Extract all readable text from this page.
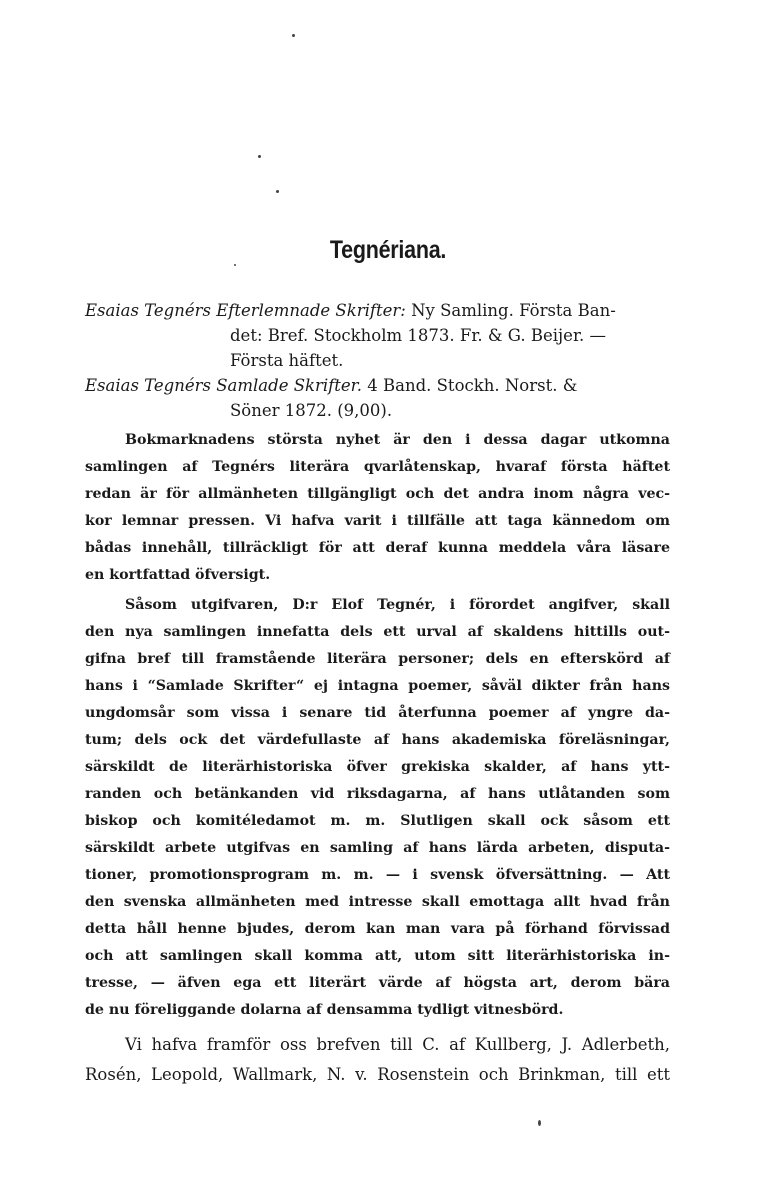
Tegnériana.
Esaias Tegnérs Efterlemnade Skrifter: Ny Samling. Första Ban-
det: Bref. Stockholm 1873. Fr. & G. Beijer. —
Första häftet.
Esaias Tegnérs Samlade Skrifter. 4 Band. Stockh. Norst. &
Söner 1872. (9,00).
Bokmarknadens största nyhet är den i dessa dagar utkomna
samlingen af Tegnérs literära qvarlåtenskap, hvaraf första häftet
redan är för allmänheten tillgängligt och det andra inom några vec-
kor lemnar pressen. Vi hafva varit i tillfälle att taga kännedom om
bådas innehåll, tillräckligt för att deraf kunna meddela våra läsare
en kortfattad öfversigt.
Såsom utgifvaren, D:r Elof Tegnér, i förordet angifver, skall
den nya samlingen innefatta dels ett urval af skaldens hittills out-
gifna bref till framstående literära personer; dels en efterskörd af
hans i “Samlade Skrifter“ ej intagna poemer, såväl dikter från hans
ungdomsår som vissa i senare tid återfunna poemer af yngre da-
tum; dels ock det värdefullaste af hans akademiska föreläsningar,
särskildt de literärhistoriska öfver grekiska skalder, af hans ytt-
randen och betänkanden vid riksdagarna, af hans utlåtanden som
biskop och komitéledamot m. m. Slutligen skall ock såsom ett
särskildt arbete utgifvas en samling af hans lärda arbeten, disputa-
tioner, promotionsprogram m. m. — i svensk öfversättning. — Att
den svenska allmänheten med intresse skall emottaga allt hvad från
detta håll henne bjudes, derom kan man vara på förhand förvissad
och att samlingen skall komma att, utom sitt literärhistoriska in-
tresse, — äfven ega ett literärt värde af högsta art, derom bära
de nu föreliggande dolarna af densamma tydligt vitnesbörd.
Vi hafva framför oss brefven till C. af Kullberg, J. Adlerbeth,
Rosén, Leopold, Wallmark, N. v. Rosenstein och Brinkman, till ett
